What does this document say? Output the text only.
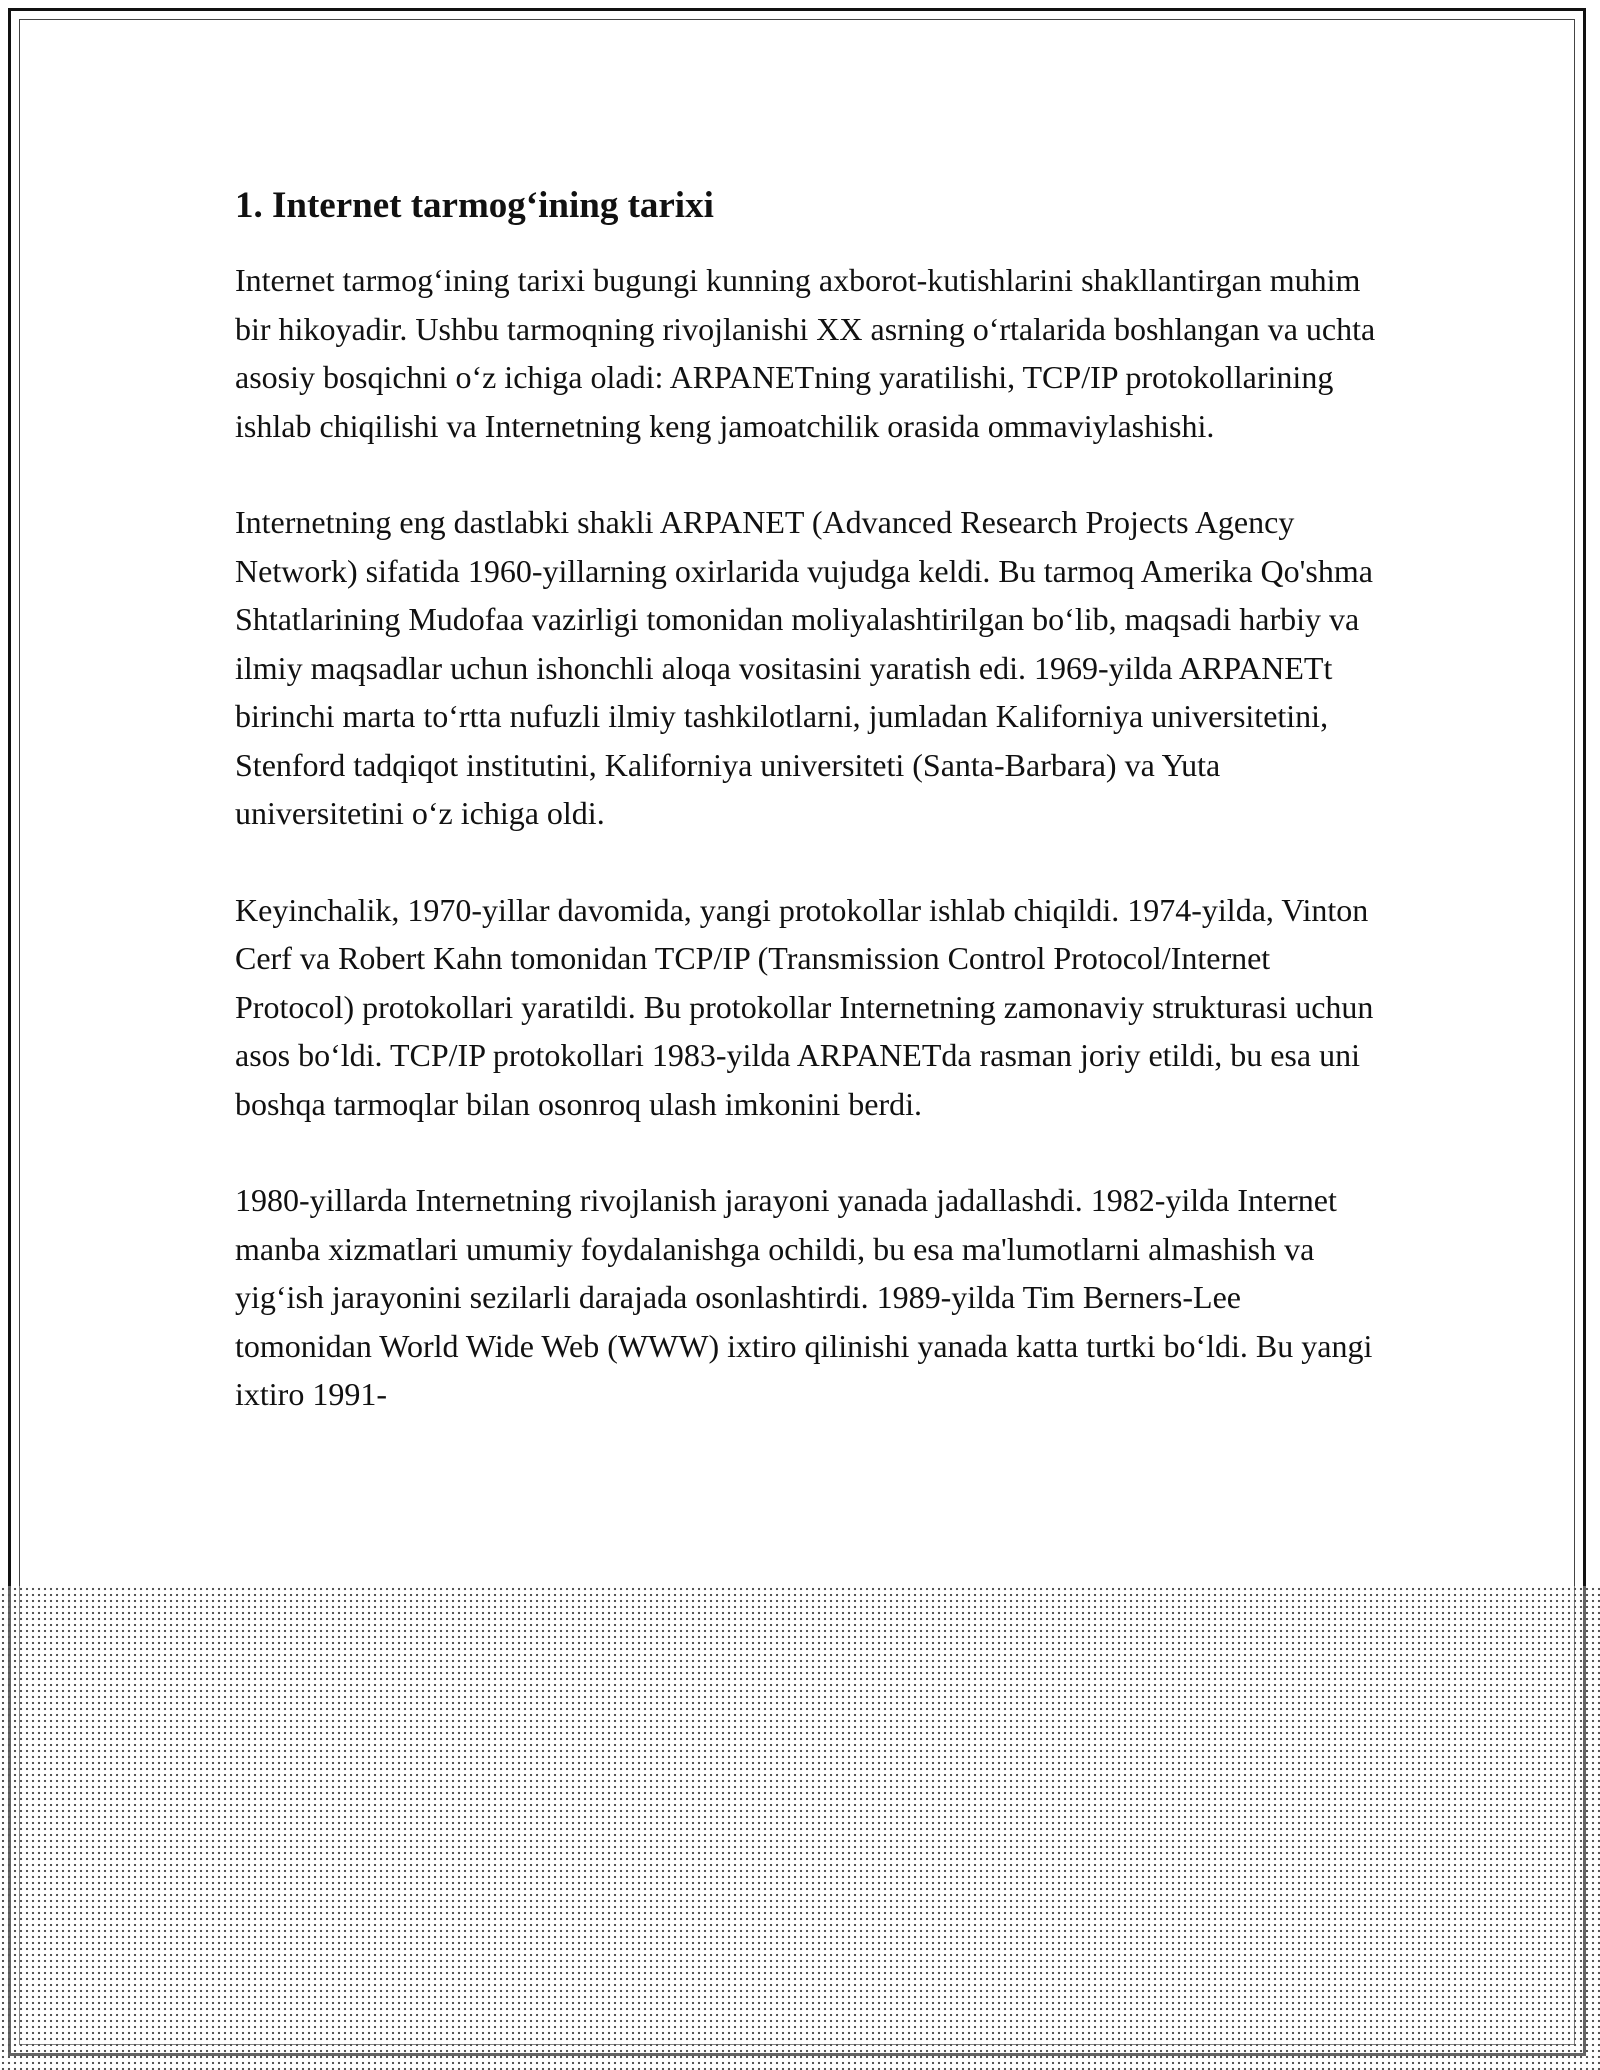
1. Internet tarmog‘ining tarixi

Internet tarmog‘ining tarixi bugungi kunning axborot-kutishlarini shakllantirgan muhim bir hikoyadir. Ushbu tarmoqning rivojlanishi XX asrning o‘rtalarida boshlangan va uchta asosiy bosqichni o‘z ichiga oladi: ARPANETning yaratilishi, TCP/IP protokollarining ishlab chiqilishi va Internetning keng jamoatchilik orasida ommaviylashishi.

Internetning eng dastlabki shakli ARPANET (Advanced Research Projects Agency Network) sifatida 1960-yillarning oxirlarida vujudga keldi. Bu tarmoq Amerika Qo'shma Shtatlarining Mudofaa vazirligi tomonidan moliyalashtirilgan bo‘lib, maqsadi harbiy va ilmiy maqsadlar uchun ishonchli aloqa vositasini yaratish edi. 1969-yilda ARPANETt birinchi marta to‘rtta nufuzli ilmiy tashkilotlarni, jumladan Kaliforniya universitetini, Stenford tadqiqot institutini, Kaliforniya universiteti (Santa-Barbara) va Yuta universitetini o‘z ichiga oldi.

Keyinchalik, 1970-yillar davomida, yangi protokollar ishlab chiqildi. 1974-yilda, Vinton Cerf va Robert Kahn tomonidan TCP/IP (Transmission Control Protocol/Internet Protocol) protokollari yaratildi. Bu protokollar Internetning zamonaviy strukturasi uchun asos bo‘ldi. TCP/IP protokollari 1983-yilda ARPANETda rasman joriy etildi, bu esa uni boshqa tarmoqlar bilan osonroq ulash imkonini berdi.

1980-yillarda Internetning rivojlanish jarayoni yanada jadallashdi. 1982-yilda Internet manba xizmatlari umumiy foydalanishga ochildi, bu esa ma'lumotlarni almashish va yig‘ish jarayonini sezilarli darajada osonlashtirdi. 1989-yilda Tim Berners-Lee tomonidan World Wide Web (WWW) ixtiro qilinishi yanada katta turtki bo‘ldi. Bu yangi ixtiro 1991-
